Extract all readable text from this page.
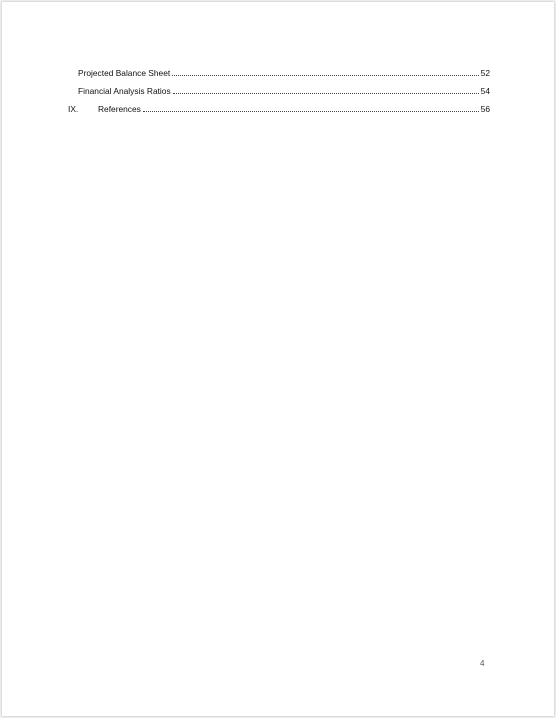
Projected Balance Sheet	52
Financial Analysis Ratios	54
IX.	References	56
4
